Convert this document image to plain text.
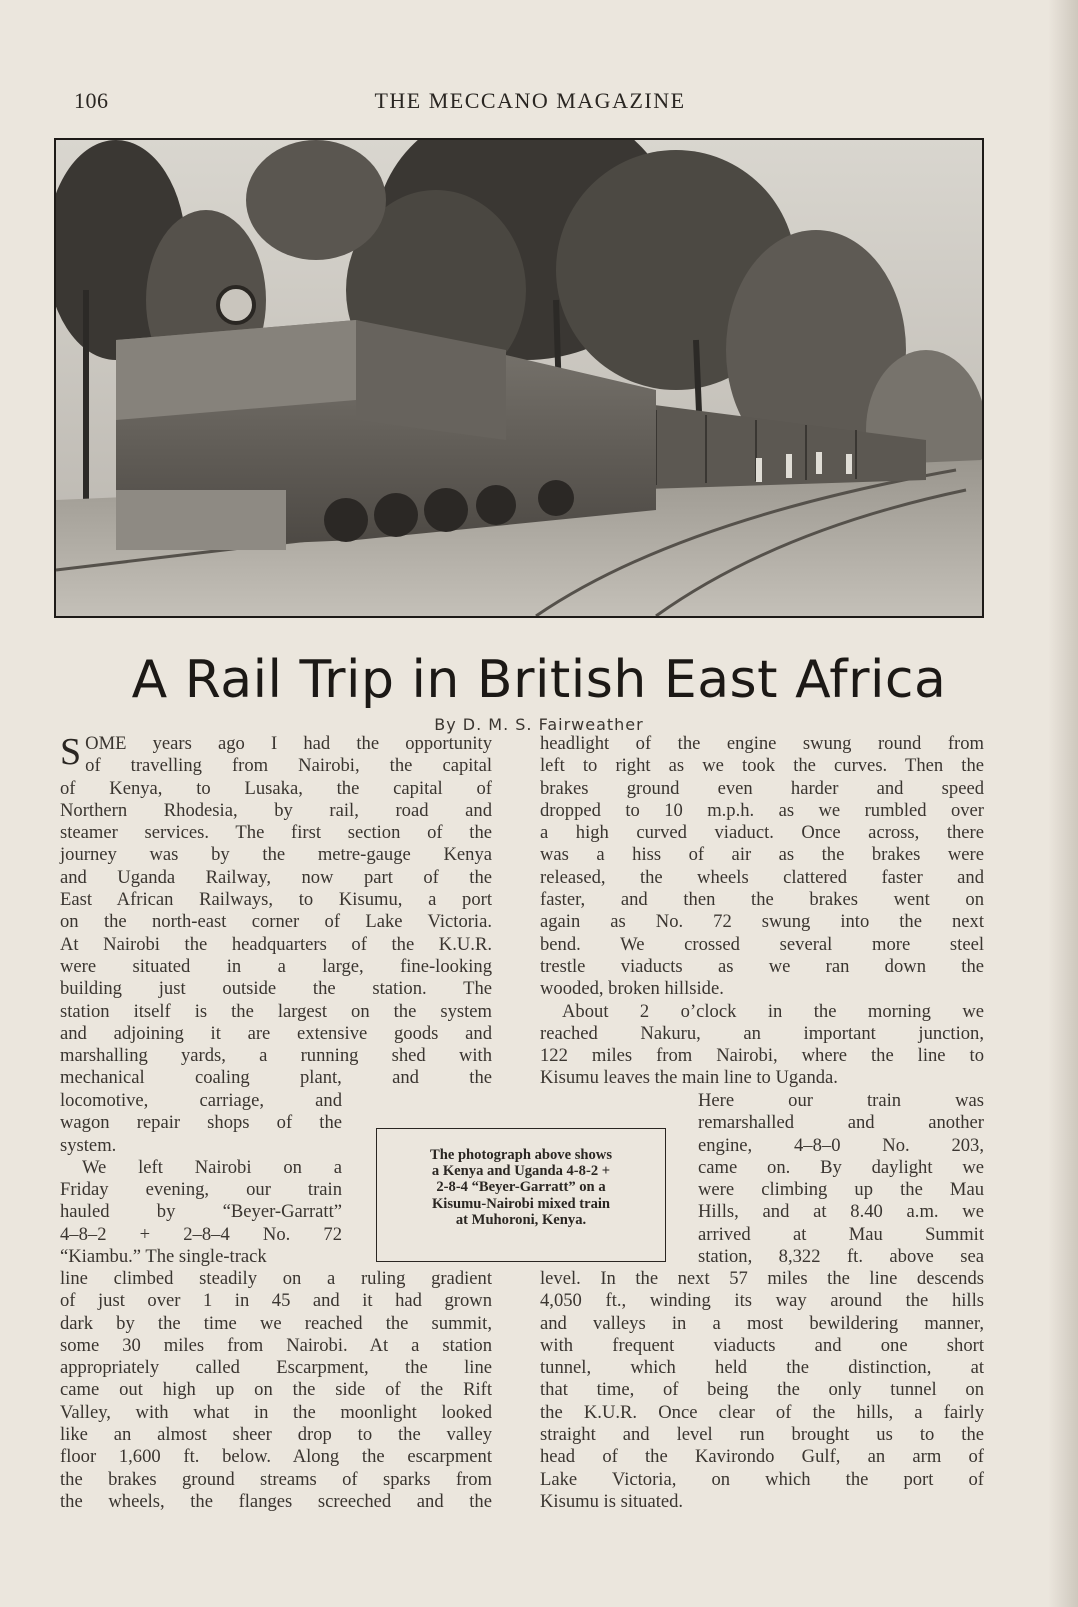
106	THE MECCANO MAGAZINE
A Rail Trip in British East Africa
By D. M. S. Fairweather
S OME years ago I had the opportunity
of travelling from Nairobi, the capital
of Kenya, to Lusaka, the capital of
Northern Rhodesia, by rail, road and
steamer services. The first section of the
journey was by the metre-gauge Kenya
and Uganda Railway, now part of the
East African Railways, to Kisumu, a port
on the north-east corner of Lake Victoria.
At Nairobi the headquarters of the K.U.R.
were situated in a large, fine-looking
building just outside the station. The
station itself is the largest on the system
and adjoining it are extensive goods and
marshalling yards, a running shed with
mechanical coaling plant, and the
locomotive, carriage, and
wagon repair shops of the
system.
We left Nairobi on a
Friday evening, our train
hauled by “Beyer-Garratt”
4–8–2 + 2–8–4 No. 72
“Kiambu.” The single-track
line climbed steadily on a ruling gradient
of just over 1 in 45 and it had grown
dark by the time we reached the summit,
some 30 miles from Nairobi. At a station
appropriately called Escarpment, the line
came out high up on the side of the Rift
Valley, with what in the moonlight looked
like an almost sheer drop to the valley
floor 1,600 ft. below. Along the escarpment
the brakes ground streams of sparks from
the wheels, the flanges screeched and the
headlight of the engine swung round from
left to right as we took the curves. Then the
brakes ground even harder and speed
dropped to 10 m.p.h. as we rumbled over
a high curved viaduct. Once across, there
was a hiss of air as the brakes were
released, the wheels clattered faster and
faster, and then the brakes went on
again as No. 72 swung into the next
bend. We crossed several more steel
trestle viaducts as we ran down the
wooded, broken hillside.
About 2 o’clock in the morning we
reached Nakuru, an important junction,
122 miles from Nairobi, where the line to
Kisumu leaves the main line to Uganda.
Here our train was
remarshalled and another
engine, 4–8–0 No. 203,
came on. By daylight we
were climbing up the Mau
Hills, and at 8.40 a.m. we
arrived at Mau Summit
station, 8,322 ft. above sea
level. In the next 57 miles the line descends
4,050 ft., winding its way around the hills
and valleys in a most bewildering manner,
with frequent viaducts and one short
tunnel, which held the distinction, at
that time, of being the only tunnel on
the K.U.R. Once clear of the hills, a fairly
straight and level run brought us to the
head of the Kavirondo Gulf, an arm of
Lake Victoria, on which the port of
Kisumu is situated.
The photograph above shows
a Kenya and Uganda 4-8-2 +
2-8-4 “Beyer-Garratt” on a
Kisumu-Nairobi mixed train
at Muhoroni, Kenya.
